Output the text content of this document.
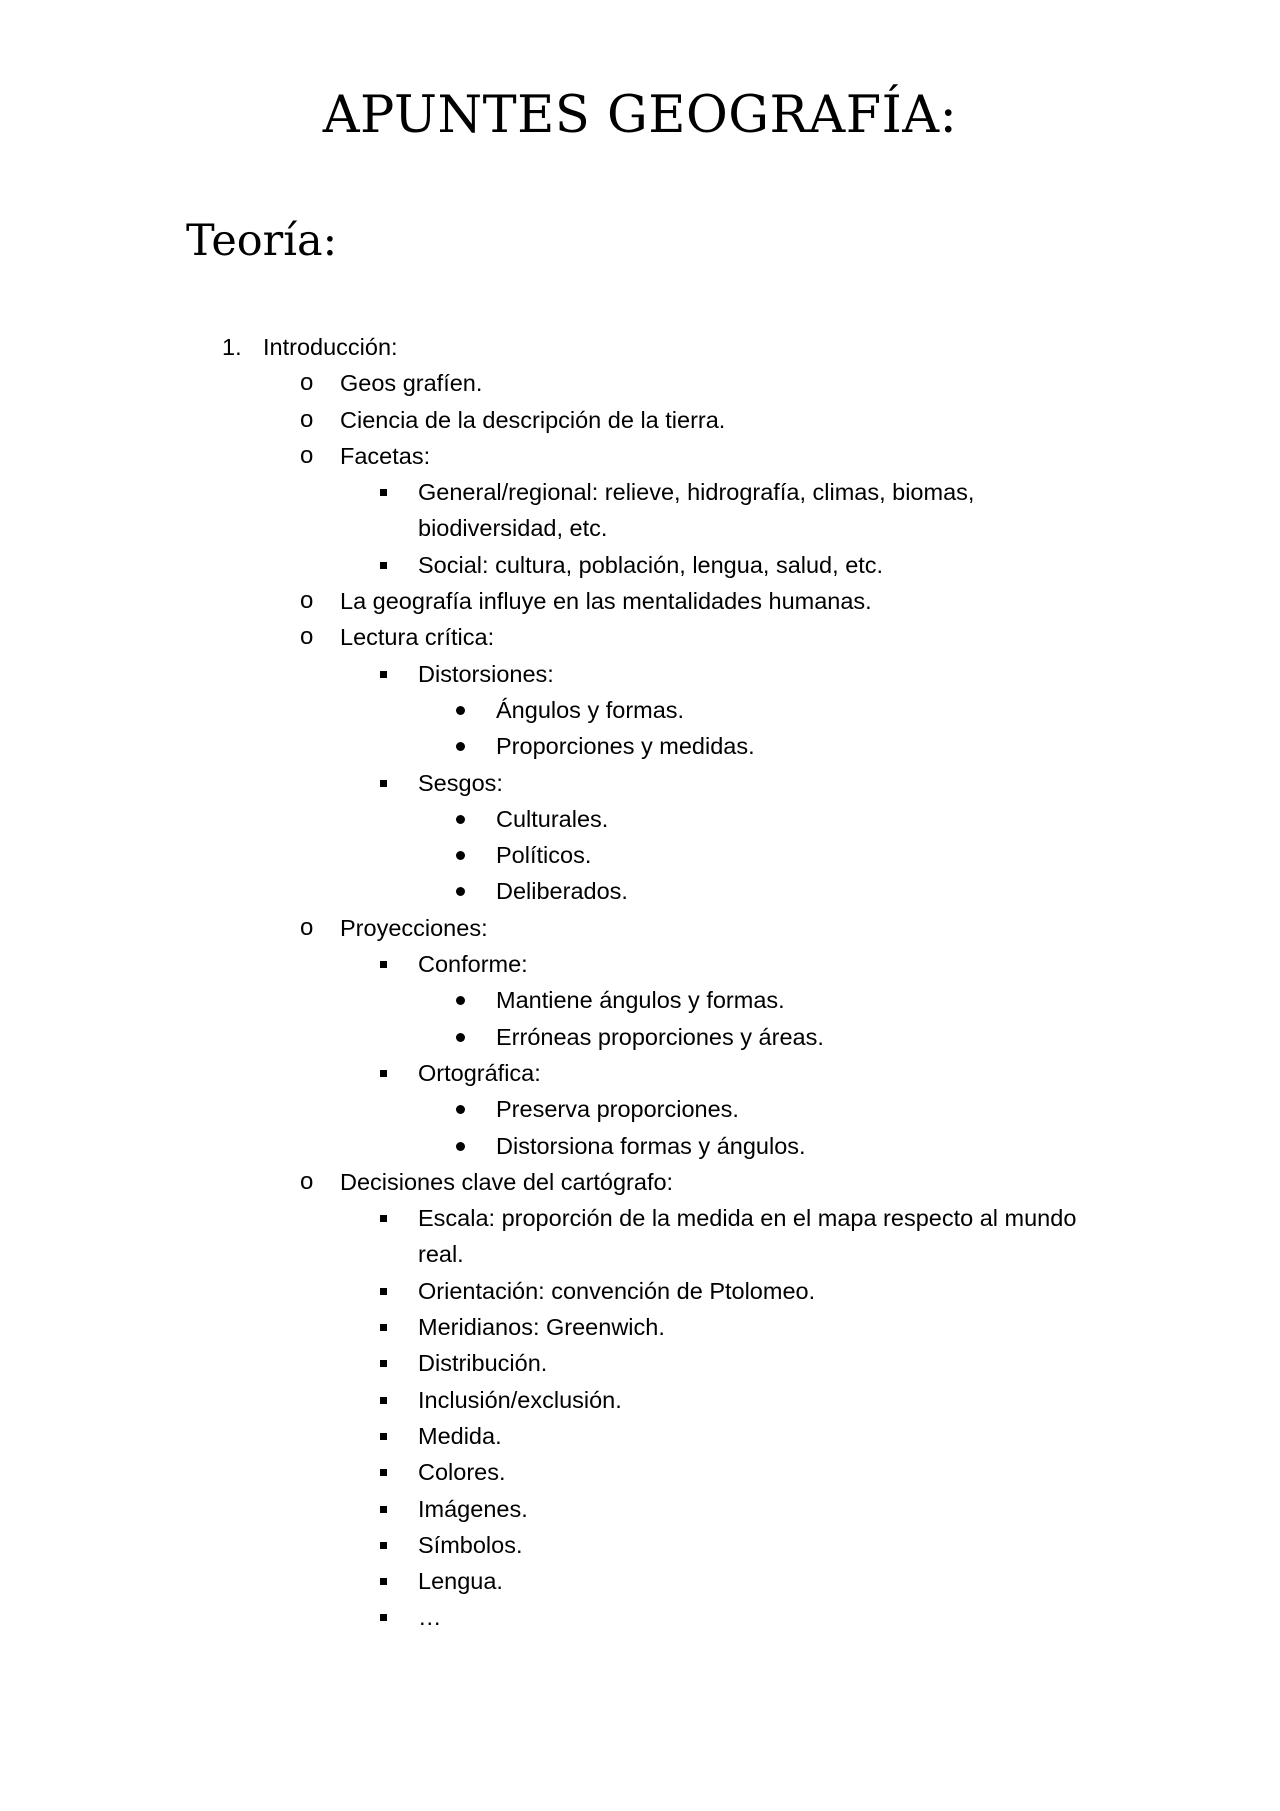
APUNTES GEOGRAFÍA:
Teoría:
1. Introducción:
o Geos grafíen.
o Ciencia de la descripción de la tierra.
o Facetas:
General/regional: relieve, hidrografía, climas, biomas, biodiversidad, etc.
Social: cultura, población, lengua, salud, etc.
o La geografía influye en las mentalidades humanas.
o Lectura crítica:
Distorsiones:
Ángulos y formas.
Proporciones y medidas.
Sesgos:
Culturales.
Políticos.
Deliberados.
o Proyecciones:
Conforme:
Mantiene ángulos y formas.
Erróneas proporciones y áreas.
Ortográfica:
Preserva proporciones.
Distorsiona formas y ángulos.
o Decisiones clave del cartógrafo:
Escala: proporción de la medida en el mapa respecto al mundo real.
Orientación: convención de Ptolomeo.
Meridianos: Greenwich.
Distribución.
Inclusión/exclusión.
Medida.
Colores.
Imágenes.
Símbolos.
Lengua.
…
